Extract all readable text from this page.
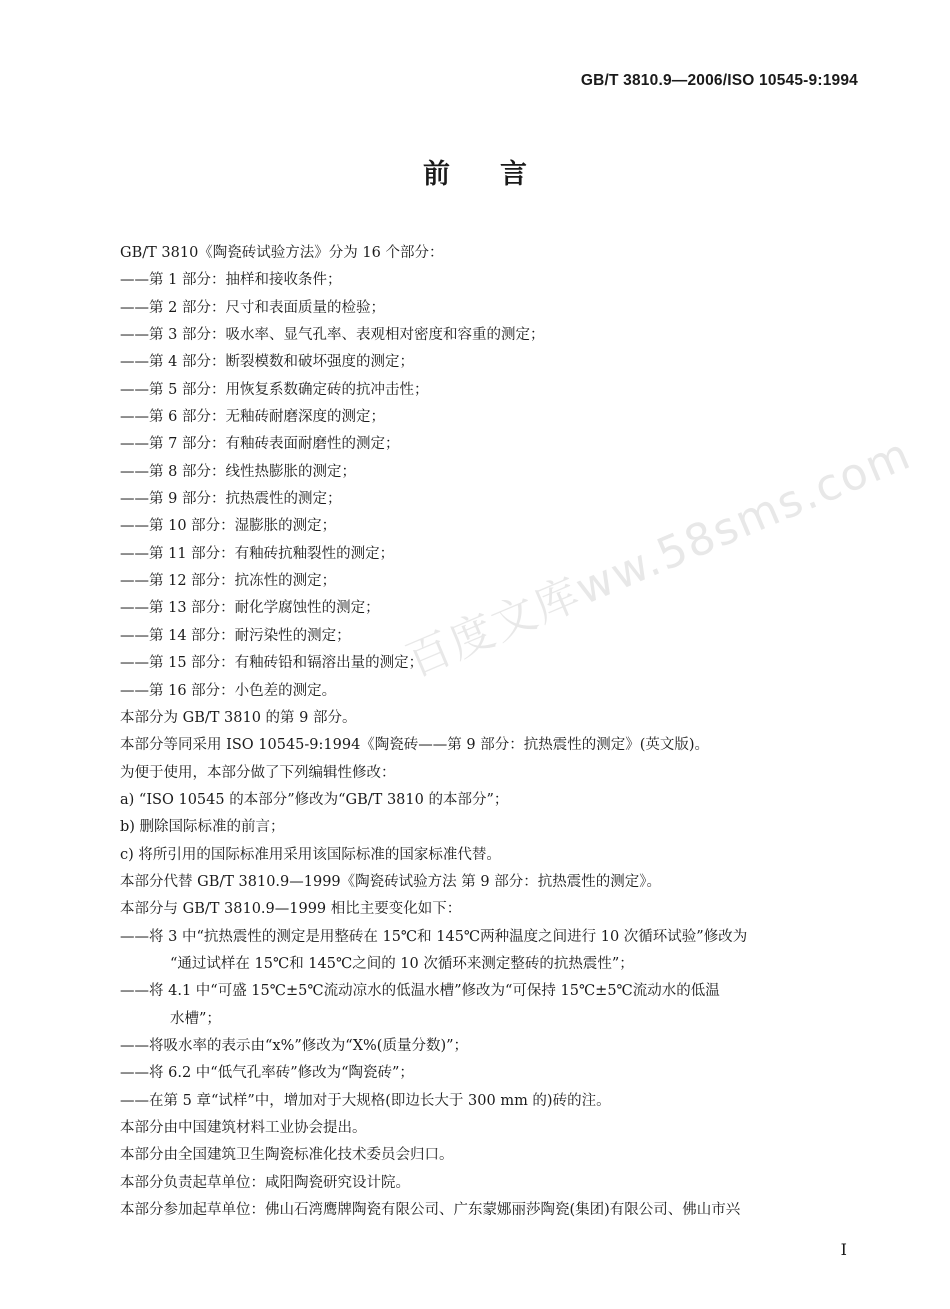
GB/T 3810.9—2006/ISO 10545-9:1994
前 言
GB/T 3810《陶瓷砖试验方法》分为 16 个部分：
——第 1 部分：抽样和接收条件；
——第 2 部分：尺寸和表面质量的检验；
——第 3 部分：吸水率、显气孔率、表观相对密度和容重的测定；
——第 4 部分：断裂模数和破坏强度的测定；
——第 5 部分：用恢复系数确定砖的抗冲击性；
——第 6 部分：无釉砖耐磨深度的测定；
——第 7 部分：有釉砖表面耐磨性的测定；
——第 8 部分：线性热膨胀的测定；
——第 9 部分：抗热震性的测定；
——第 10 部分：湿膨胀的测定；
——第 11 部分：有釉砖抗釉裂性的测定；
——第 12 部分：抗冻性的测定；
——第 13 部分：耐化学腐蚀性的测定；
——第 14 部分：耐污染性的测定；
——第 15 部分：有釉砖铅和镉溶出量的测定；
——第 16 部分：小色差的测定。
本部分为 GB/T 3810 的第 9 部分。
本部分等同采用 ISO 10545-9:1994《陶瓷砖——第 9 部分：抗热震性的测定》(英文版)。
为便于使用，本部分做了下列编辑性修改：
a) “ISO 10545 的本部分”修改为“GB/T 3810 的本部分”；
b) 删除国际标准的前言；
c) 将所引用的国际标准用采用该国际标准的国家标准代替。
本部分代替 GB/T 3810.9—1999《陶瓷砖试验方法 第 9 部分：抗热震性的测定》。
本部分与 GB/T 3810.9—1999 相比主要变化如下：
——将 3 中“抗热震性的测定是用整砖在 15℃和 145℃两种温度之间进行 10 次循环试验”修改为
“通过试样在 15℃和 145℃之间的 10 次循环来测定整砖的抗热震性”；
——将 4.1 中“可盛 15℃±5℃流动凉水的低温水槽”修改为“可保持 15℃±5℃流动水的低温
水槽”；
——将吸水率的表示由“x%”修改为“X%(质量分数)”；
——将 6.2 中“低气孔率砖”修改为“陶瓷砖”；
——在第 5 章“试样”中，增加对于大规格(即边长大于 300 mm 的)砖的注。
本部分由中国建筑材料工业协会提出。
本部分由全国建筑卫生陶瓷标准化技术委员会归口。
本部分负责起草单位：咸阳陶瓷研究设计院。
本部分参加起草单位：佛山石湾鹰牌陶瓷有限公司、广东蒙娜丽莎陶瓷(集团)有限公司、佛山市兴
百度文库ww.58sms.com
I
